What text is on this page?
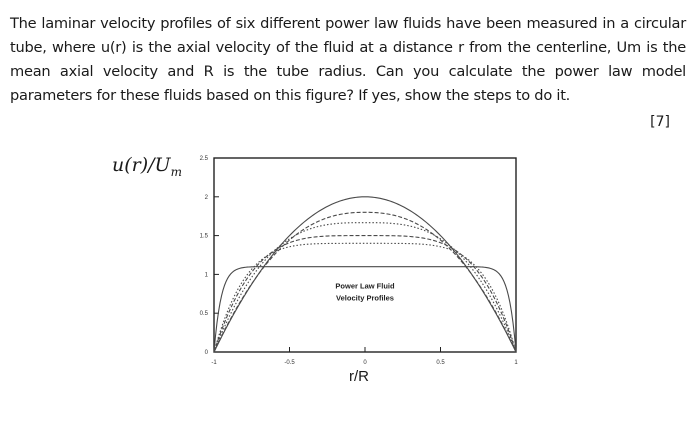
The laminar velocity profiles of six different power law fluids have been measured in a circular
tube, where u(r) is the axial velocity of the fluid at a distance r from the centerline, Um is the
mean axial velocity and R is the tube radius. Can you calculate the power law model
parameters for these fluids based on this figure? If yes, show the steps to do it.
[7]
$u(r)/U_m$
r/R
0
0.5
1
1.5
2
2.5
-1	-0.5	0	0.5	1
Power Law Fluid
Velocity Profiles
